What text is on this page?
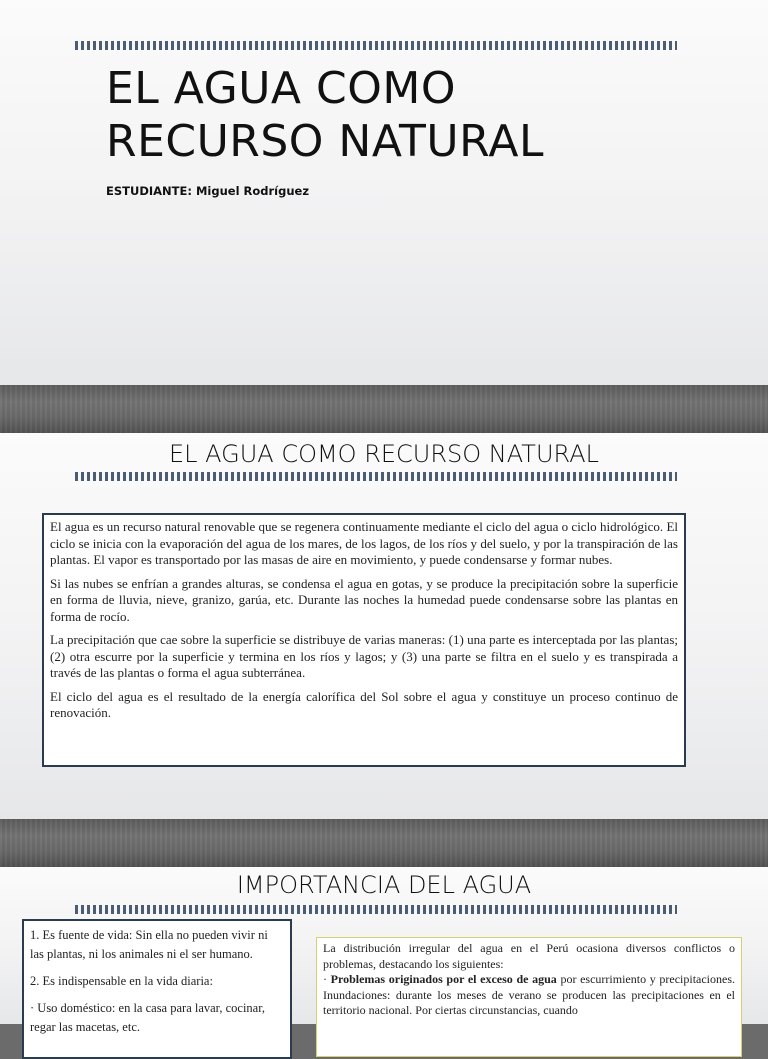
EL AGUA COMO
RECURSO NATURAL
ESTUDIANTE: Miguel Rodríguez
EL AGUA COMO RECURSO NATURAL

El agua es un recurso natural renovable que se regenera continuamente mediante el ciclo del agua o ciclo hidrológico. El ciclo se inicia con la evaporación del agua de los mares, de los lagos, de los ríos y del suelo, y por la transpiración de las plantas. El vapor es transportado por las masas de aire en movimiento, y puede condensarse y formar nubes.

Si las nubes se enfrían a grandes alturas, se condensa el agua en gotas, y se produce la precipitación sobre la superficie en forma de lluvia, nieve, granizo, garúa, etc. Durante las noches la humedad puede condensarse sobre las plantas en forma de rocío.

La precipitación que cae sobre la superficie se distribuye de varias maneras: (1) una parte es interceptada por las plantas; (2) otra escurre por la superficie y termina en los ríos y lagos; y (3) una parte se filtra en el suelo y es transpirada a través de las plantas o forma el agua subterránea.

El ciclo del agua es el resultado de la energía calorífica del Sol sobre el agua y constituye un proceso continuo de renovación.

IMPORTANCIA DEL AGUA

1. Es fuente de vida: Sin ella no pueden vivir ni las plantas, ni los animales ni el ser humano.

2. Es indispensable en la vida diaria:

· Uso doméstico: en la casa para lavar, cocinar, regar las macetas, etc.

La distribución irregular del agua en el Perú ocasiona diversos conflictos o problemas, destacando los siguientes:
· Problemas originados por el exceso de agua por escurrimiento y precipitaciones. Inundaciones: durante los meses de verano se producen las precipitaciones en el territorio nacional. Por ciertas circunstancias, cuando
